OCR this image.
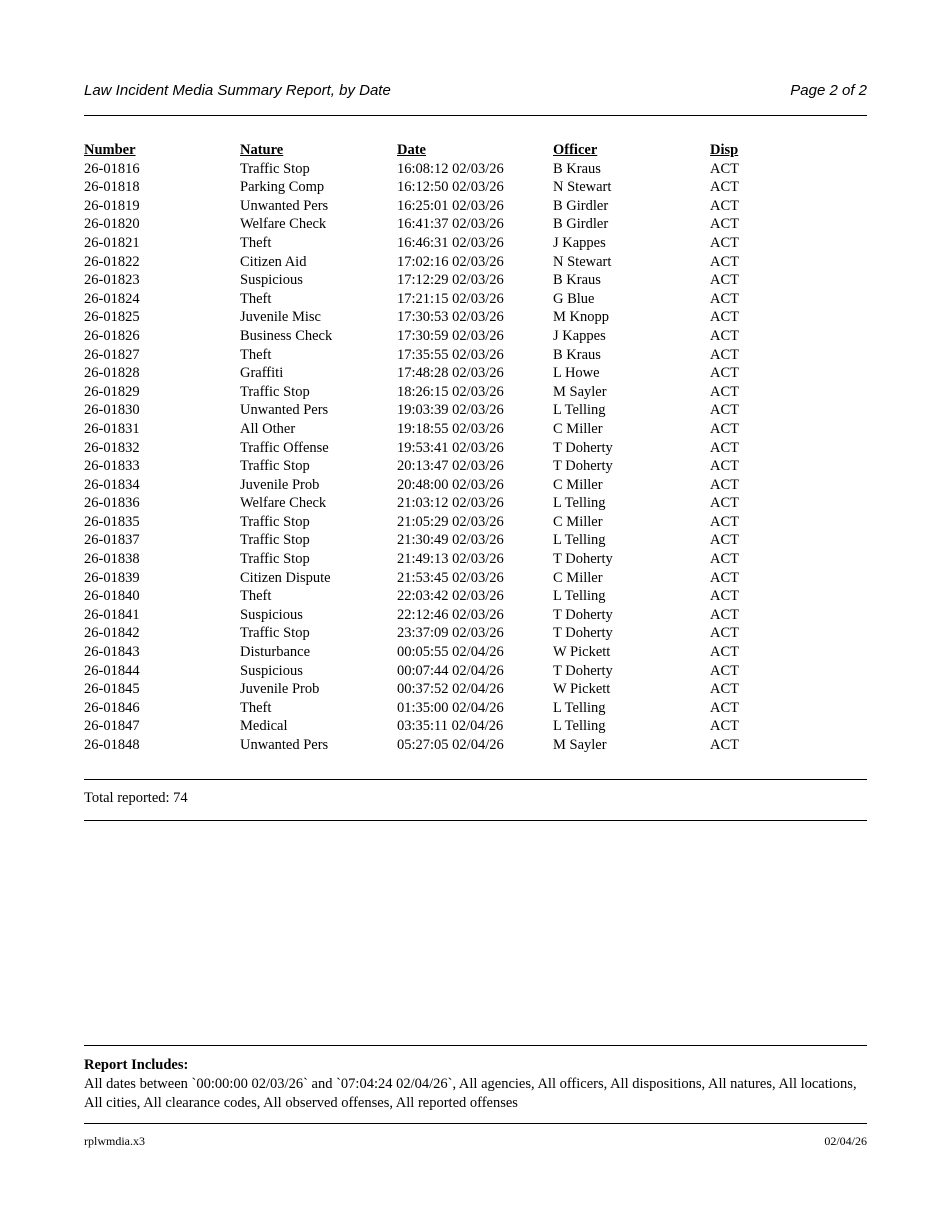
Law Incident Media Summary Report, by Date	Page 2 of 2
Number	Nature	Date	Officer	Disp
26-01816	Traffic Stop	16:08:12 02/03/26	B Kraus	ACT
26-01818	Parking Comp	16:12:50 02/03/26	N Stewart	ACT
26-01819	Unwanted Pers	16:25:01 02/03/26	B Girdler	ACT
26-01820	Welfare Check	16:41:37 02/03/26	B Girdler	ACT
26-01821	Theft	16:46:31 02/03/26	J Kappes	ACT
26-01822	Citizen Aid	17:02:16 02/03/26	N Stewart	ACT
26-01823	Suspicious	17:12:29 02/03/26	B Kraus	ACT
26-01824	Theft	17:21:15 02/03/26	G Blue	ACT
26-01825	Juvenile Misc	17:30:53 02/03/26	M Knopp	ACT
26-01826	Business Check	17:30:59 02/03/26	J Kappes	ACT
26-01827	Theft	17:35:55 02/03/26	B Kraus	ACT
26-01828	Graffiti	17:48:28 02/03/26	L Howe	ACT
26-01829	Traffic Stop	18:26:15 02/03/26	M Sayler	ACT
26-01830	Unwanted Pers	19:03:39 02/03/26	L Telling	ACT
26-01831	All Other	19:18:55 02/03/26	C Miller	ACT
26-01832	Traffic Offense	19:53:41 02/03/26	T Doherty	ACT
26-01833	Traffic Stop	20:13:47 02/03/26	T Doherty	ACT
26-01834	Juvenile Prob	20:48:00 02/03/26	C Miller	ACT
26-01836	Welfare Check	21:03:12 02/03/26	L Telling	ACT
26-01835	Traffic Stop	21:05:29 02/03/26	C Miller	ACT
26-01837	Traffic Stop	21:30:49 02/03/26	L Telling	ACT
26-01838	Traffic Stop	21:49:13 02/03/26	T Doherty	ACT
26-01839	Citizen Dispute	21:53:45 02/03/26	C Miller	ACT
26-01840	Theft	22:03:42 02/03/26	L Telling	ACT
26-01841	Suspicious	22:12:46 02/03/26	T Doherty	ACT
26-01842	Traffic Stop	23:37:09 02/03/26	T Doherty	ACT
26-01843	Disturbance	00:05:55 02/04/26	W Pickett	ACT
26-01844	Suspicious	00:07:44 02/04/26	T Doherty	ACT
26-01845	Juvenile Prob	00:37:52 02/04/26	W Pickett	ACT
26-01846	Theft	01:35:00 02/04/26	L Telling	ACT
26-01847	Medical	03:35:11 02/04/26	L Telling	ACT
26-01848	Unwanted Pers	05:27:05 02/04/26	M Sayler	ACT
Total reported: 74
Report Includes:
All dates between `00:00:00 02/03/26` and `07:04:24 02/04/26`, All agencies, All officers, All dispositions, All natures, All locations, All cities, All clearance codes, All observed offenses, All reported offenses
rplwmdia.x3	02/04/26
